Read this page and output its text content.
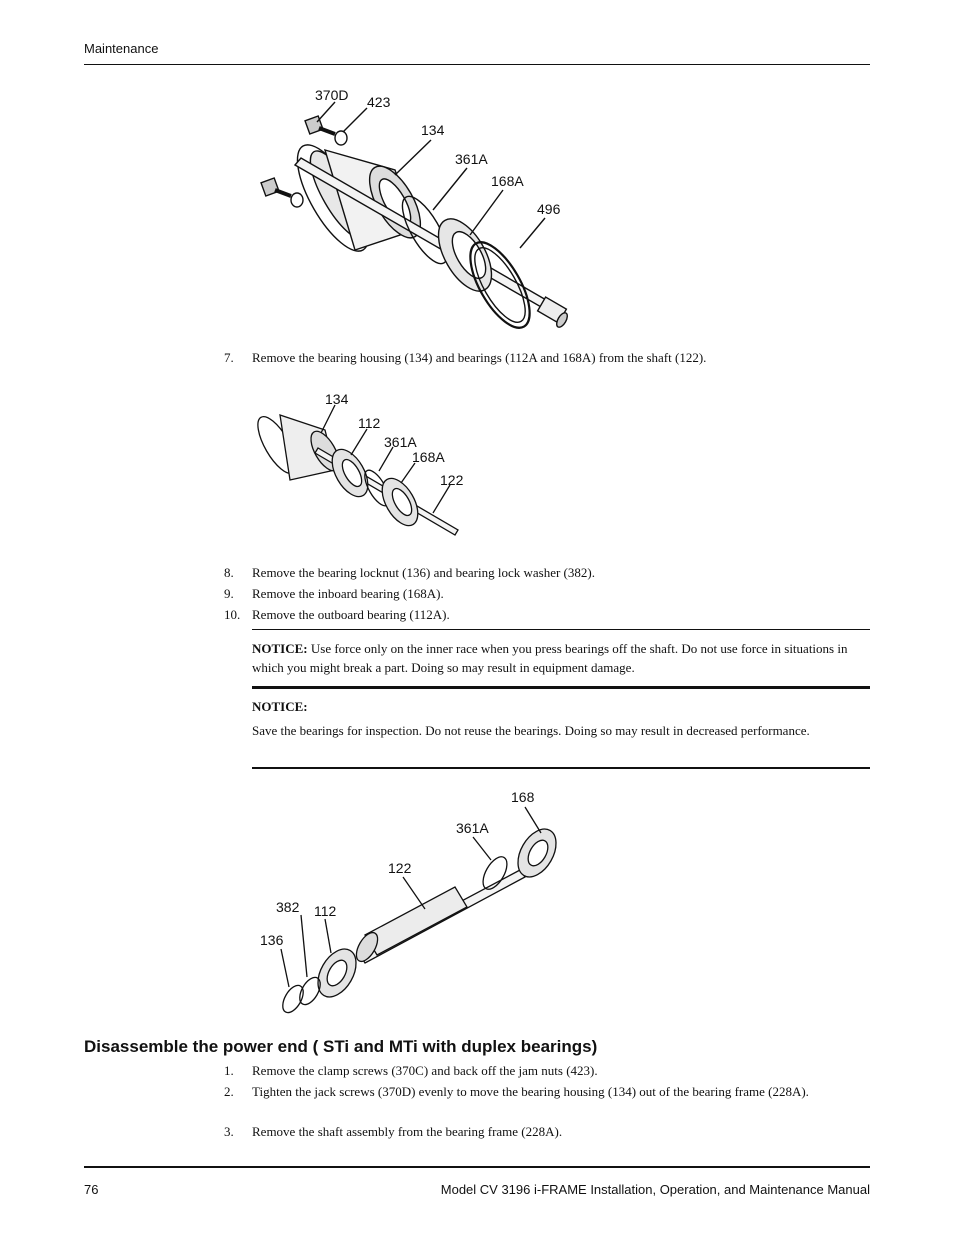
Maintenance
370D 423
134
361A
168A
496
7.	Remove the bearing housing (134) and bearings (112A and 168A) from the shaft (122).
134
112
361A
168A
122
8.	Remove the bearing locknut (136) and bearing lock washer (382).
9.	Remove the inboard bearing (168A).
10. Remove the outboard bearing (112A).
NOTICE: Use force only on the inner race when you press bearings off the shaft. Do not use force in situations in which you might break a part. Doing so may result in equipment damage.
NOTICE:
Save the bearings for inspection. Do not reuse the bearings. Doing so may result in decreased performance.
168
361A
122
382 112
136
Disassemble the power end ( STi and MTi with duplex bearings)
1.	Remove the clamp screws (370C) and back off the jam nuts (423).
2.	Tighten the jack screws (370D) evenly to move the bearing housing (134) out of the bearing frame (228A).
3.	Remove the shaft assembly from the bearing frame (228A).
76	Model CV 3196 i-FRAME Installation, Operation, and Maintenance Manual
